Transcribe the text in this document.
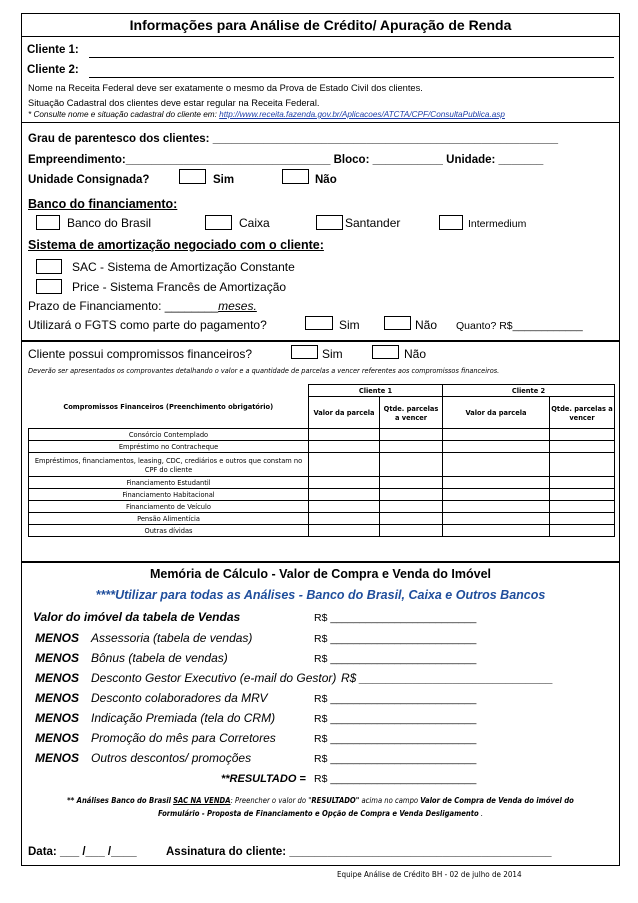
Informações para Análise de Crédito/ Apuração de Renda
Cliente 1:
Cliente 2:
Nome na Receita Federal deve ser exatamente o mesmo da Prova de Estado Civil dos clientes.
Situação Cadastral dos clientes deve estar regular na Receita Federal.
* Consulte nome e situação cadastral do cliente em: http://www.receita.fazenda.gov.br/Aplicacoes/ATCTA/CPF/ConsultaPublica.asp
Grau de parentesco dos clientes: ______________________________________________________
Empreendimento:________________________________ Bloco: ___________ Unidade: _______
Unidade Consignada?	Sim	Não
Banco do financiamento:
Banco do Brasil	Caixa	Santander	Intermedium
Sistema de amortização negociado com o cliente:
SAC - Sistema de Amortização Constante
Price - Sistema Francês de Amortização
Prazo de Financiamento: ________meses.
Utilizará o FGTS como parte do pagamento?	Sim	Não Quanto? R$____________
Cliente possui compromissos financeiros?	Sim	Não
Deverão ser apresentados os comprovantes detalhando o valor e a quantidade de parcelas a vencer referentes aos compromissos financeiros.
Compromissos Financeiros (Preenchimento obrigatório)	Cliente 1		Cliente 2	
	Valor da parcela	Qtde. parcelas a vencer	Valor da parcela	Qtde. parcelas a vencer
Consórcio Contemplado				
Empréstimo no Contracheque				
Empréstimos, financiamentos, leasing, CDC, crediários e outros que constam no CPF do cliente				
Financiamento Estudantil				
Financiamento Habitacional				
Financiamento de Veículo				
Pensão Alimentícia				
Outras dívidas				
Memória de Cálculo - Valor de Compra e Venda do Imóvel
****Utilizar para todas as Análises - Banco do Brasil, Caixa e Outros Bancos
Valor do imóvel da tabela de Vendas	R$ _________________________
MENOS Assessoria (tabela de vendas)	R$ _________________________
MENOS Bônus (tabela de vendas)	R$ _________________________
MENOS Desconto Gestor Executivo (e-mail do Gestor) R$ _____________________________
MENOS Desconto colaboradores da MRV	R$ _________________________
MENOS Indicação Premiada (tela do CRM)	R$ _________________________
MENOS Promoção do mês para Corretores	R$ _________________________
MENOS Outros descontos/ promoções	R$ _________________________
**RESULTADO = R$ _________________________
** Análises Banco do Brasil SAC NA VENDA: Preencher o valor do "RESULTADO" acima no campo Valor de Compra de Venda do imóvel do
Formulário - Proposta de Financiamento e Opção de Compra e Venda Desligamento .
Data: ___ /___ /____	Assinatura do cliente: _________________________________________
Equipe Análise de Crédito BH - 02 de julho de 2014
